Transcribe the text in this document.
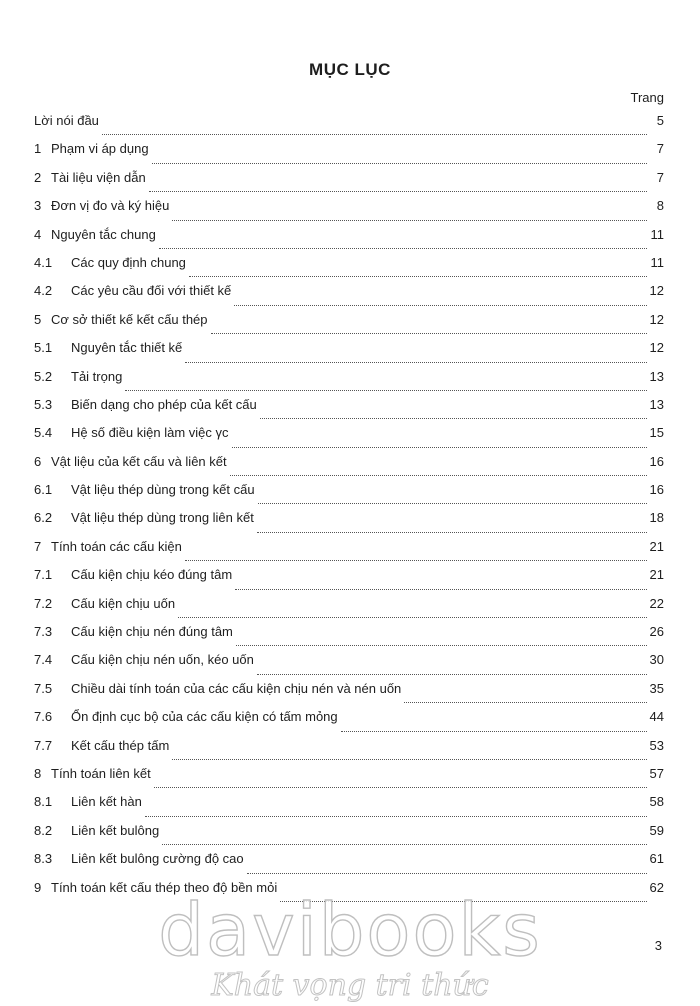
MỤC LỤC
Trang
Lời nói đầu	5
1 Phạm vi áp dụng	7
2 Tài liệu viện dẫn	7
3 Đơn vị đo và ký hiệu	8
4 Nguyên tắc chung	11
4.1	Các quy định chung	11
4.2	Các yêu cầu đối với thiết kế	12
5 Cơ sở thiết kế kết cấu thép	12
5.1	Nguyên tắc thiết kế	12
5.2	Tải trọng	13
5.3	Biến dạng cho phép của kết cấu	13
5.4	Hệ số điều kiện làm việc γc	15
6 Vật liệu của kết cấu và liên kết	16
6.1	Vật liệu thép dùng trong kết cấu	16
6.2	Vật liệu thép dùng trong liên kết	18
7 Tính toán các cấu kiện	21
7.1	Cấu kiện chịu kéo đúng tâm	21
7.2	Cấu kiện chịu uốn	22
7.3	Cấu kiện chịu nén đúng tâm	26
7.4	Cấu kiện chịu nén uốn, kéo uốn	30
7.5	Chiều dài tính toán của các cấu kiện chịu nén và nén uốn	35
7.6	Ổn định cục bộ của các cấu kiện có tấm mỏng	44
7.7	Kết cấu thép tấm	53
8 Tính toán liên kết	57
8.1	Liên kết hàn	58
8.2	Liên kết bulông	59
8.3	Liên kết bulông cường độ cao	61
9 Tính toán kết cấu thép theo độ bền mỏi	62
3
davibooks
Khát vọng tri thức
